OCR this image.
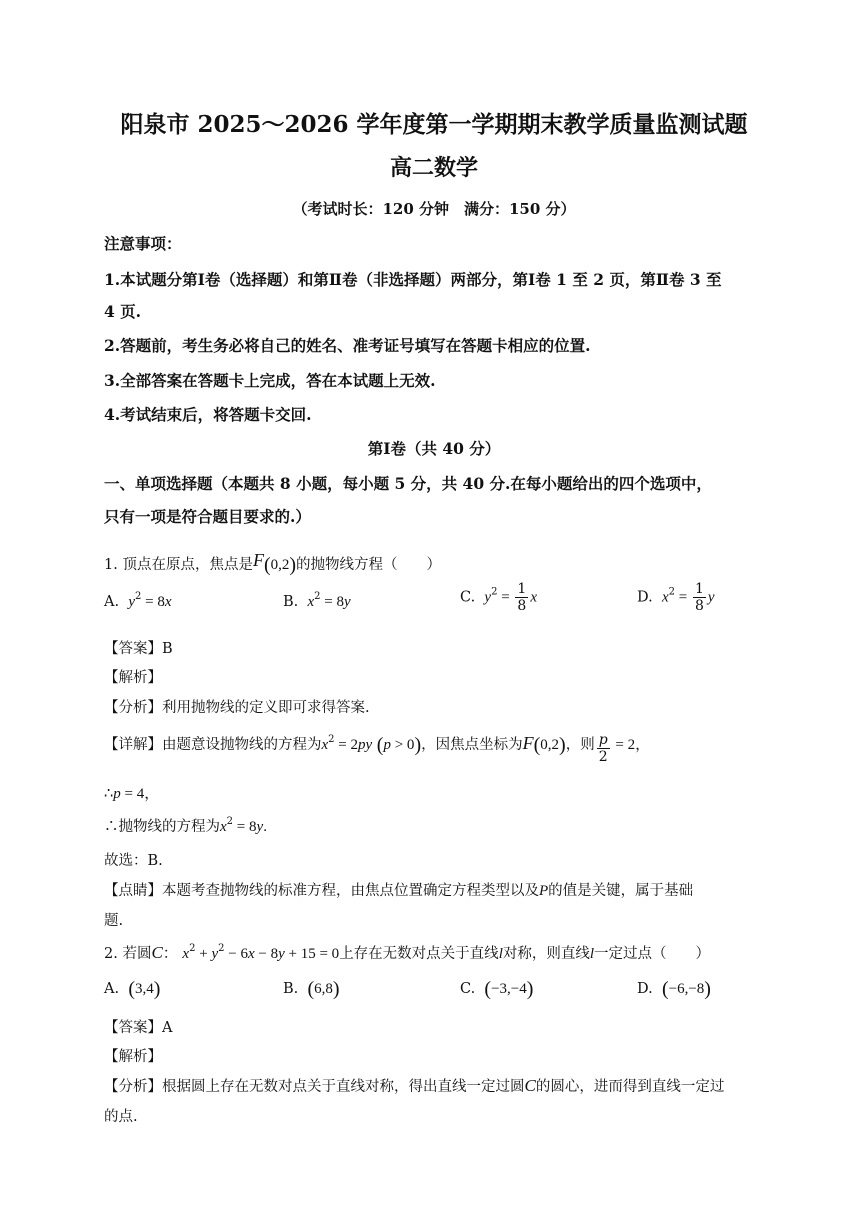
阳泉市 2025～2026 学年度第一学期期末教学质量监测试题
高二数学
（考试时长：120 分钟　满分：150 分）
注意事项：
1.本试题分第Ⅰ卷（选择题）和第Ⅱ卷（非选择题）两部分，第Ⅰ卷 1 至 2 页，第Ⅱ卷 3 至
4 页.
2.答题前，考生务必将自己的姓名、准考证号填写在答题卡相应的位置.
3.全部答案在答题卡上完成，答在本试题上无效.
4.考试结束后，将答题卡交回.
第Ⅰ卷（共 40 分）
一、单项选择题（本题共 8 小题，每小题 5 分，共 40 分.在每小题给出的四个选项中，
只有一项是符合题目要求的.）
1. 顶点在原点，焦点是F(0,2)的抛物线方程（　　）
A. $y^2 = 8x$	B. $x^2 = 8y$	C. $y^2 = \frac{1}{8}$ x	D. $x^2 = \frac{1}{8}$ y
【答案】B
【解析】
【分析】利用抛物线的定义即可求得答案.
【详解】由题意设抛物线的方程为$x^2 = 2py$ (p > 0)，因焦点坐标为F(0,2)，则 $\frac{p}{2} = 2$，
∴p = 4，
∴抛物线的方程为$x^2 = 8y$.
故选：B.
【点睛】本题考查抛物线的标准方程，由焦点位置确定方程类型以及P的值是关键，属于基础
题.
2. 若圆C： $x^2 + y^2 - 6x - 8y + 15 = 0$上存在无数对点关于直线l对称，则直线l一定过点（　　）
A. (3,4)	B. (6,8)	C. (−3,−4)	D. (−6,−8)
【答案】A
【解析】
【分析】根据圆上存在无数对点关于直线对称，得出直线一定过圆C的圆心，进而得到直线一定过
的点.
